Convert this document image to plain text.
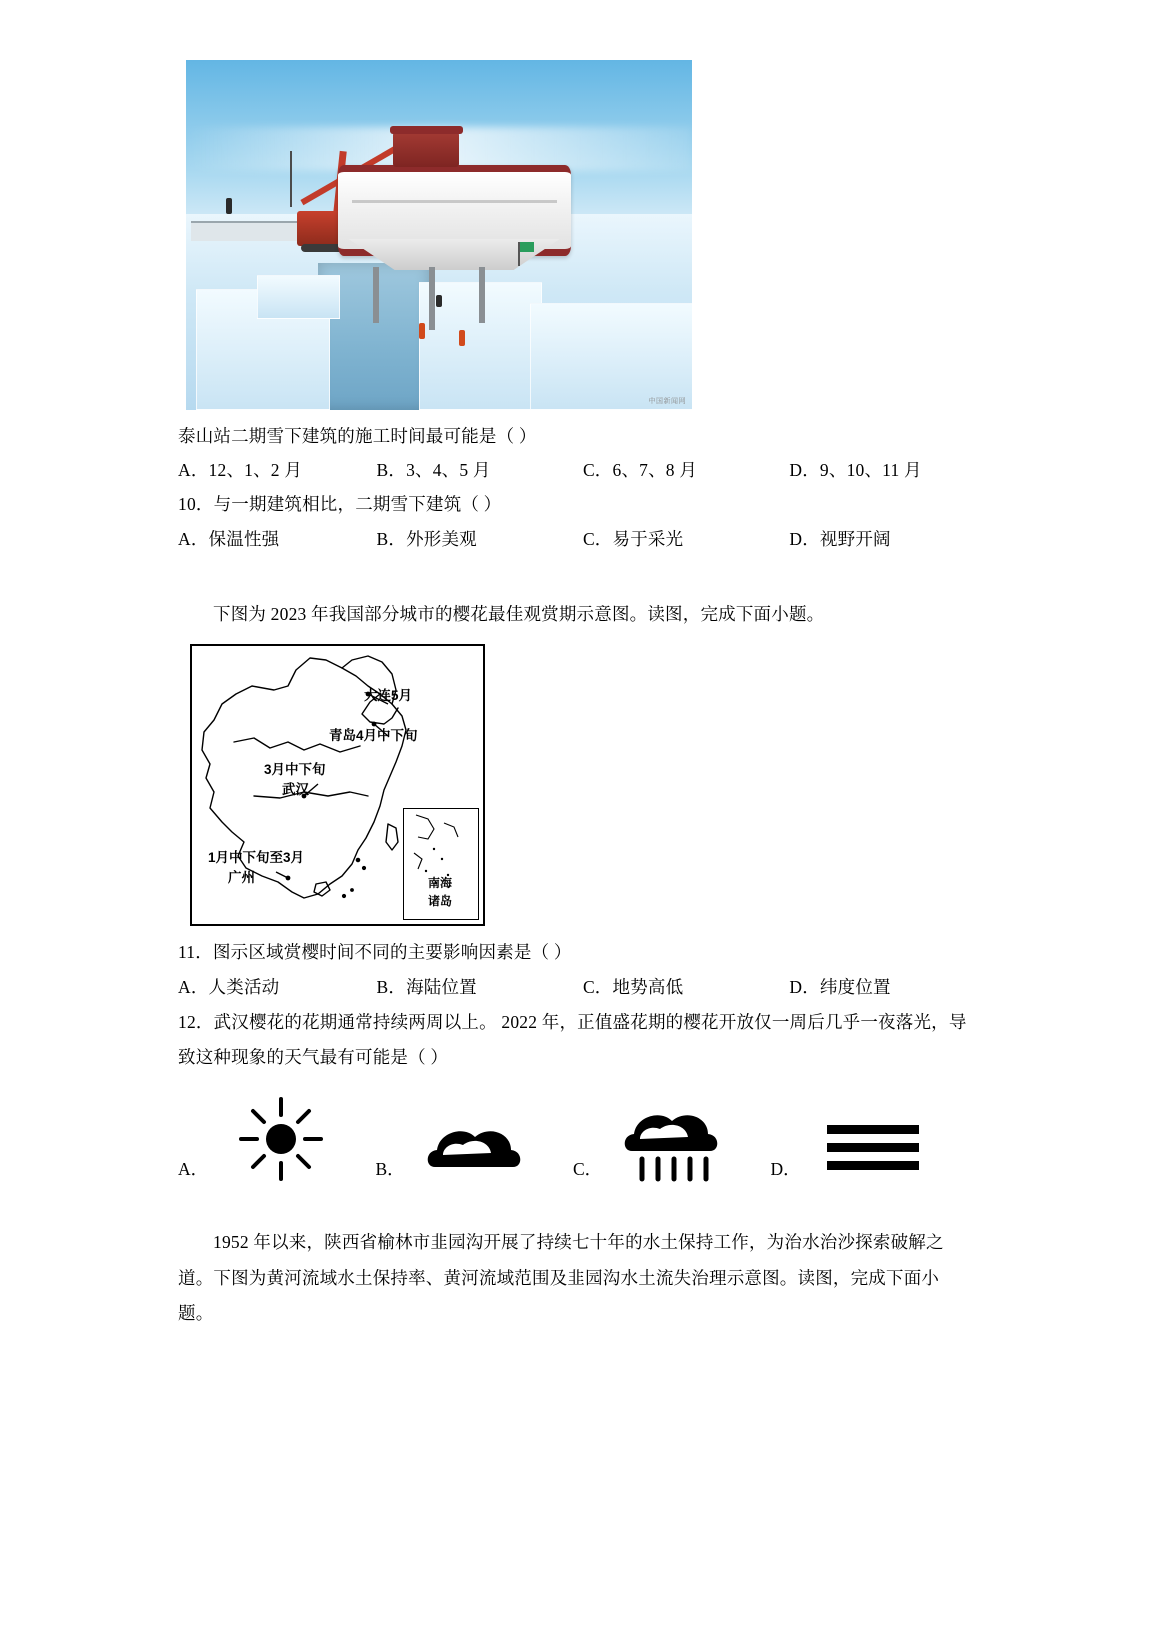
中国新闻网

泰山站二期雪下建筑的施工时间最可能是（ ）

A．12、1、2 月	B．3、4、5 月	C．6、7、8 月	D．9、10、11 月

10．与一期建筑相比，二期雪下建筑（ ）

A．保温性强	B．外形美观	C．易于采光	D．视野开阔

下图为 2023 年我国部分城市的樱花最佳观赏期示意图。读图，完成下面小题。

大连5月
青岛4月中下旬
3月中下旬
武汉
1月中下旬至3月
广州	南海
诸岛

11．图示区域赏樱时间不同的主要影响因素是（ ）

A．人类活动	B．海陆位置	C．地势高低	D．纬度位置

12．武汉樱花的花期通常持续两周以上。 2022 年，正值盛花期的樱花开放仅一周后几乎一夜落光，导致这种现象的天气最有可能是（ ）

A．	B．	C．	D．

1952 年以来，陕西省榆林市韭园沟开展了持续七十年的水土保持工作，为治水治沙探索破解之道。下图为黄河流域水土保持率、黄河流域范围及韭园沟水土流失治理示意图。读图，完成下面小题。
